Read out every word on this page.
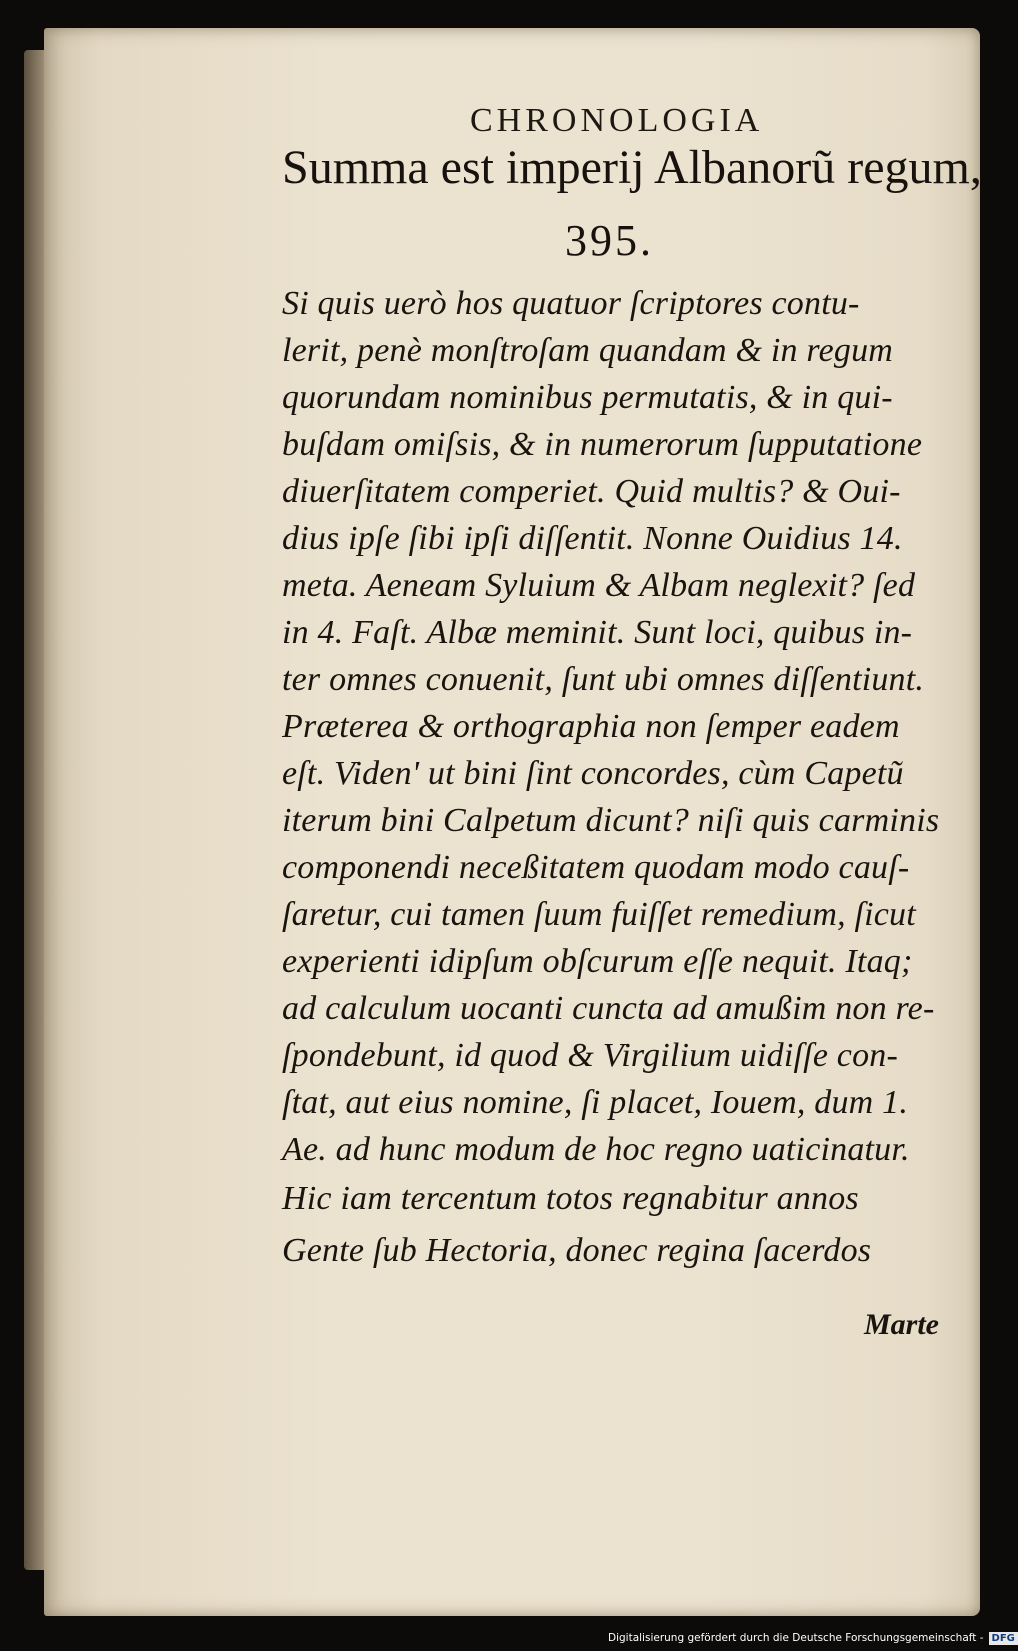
CHRONOLOGIA
Summa est imperij Albanorũ regum,
395.
Si quis uerò hos quatuor ſcriptores contu-
lerit, penè monſtroſam quandam & in regum
quorundam nominibus permutatis, & in qui-
buſdam omiſsis, & in numerorum ſupputatione
diuerſitatem comperiet. Quid multis? & Oui-
dius ipſe ſibi ipſi diſſentit. Nonne Ouidius 14.
meta. Aeneam Syluium & Albam neglexit? ſed
in 4. Faſt. Albæ meminit. Sunt loci, quibus in-
ter omnes conuenit, ſunt ubi omnes diſſentiunt.
Præterea & orthographia non ſemper eadem
eſt. Viden' ut bini ſint concordes, cùm Capetũ
iterum bini Calpetum dicunt? niſi quis carminis
componendi neceßitatem quodam modo cauſ-
ſaretur, cui tamen ſuum fuiſſet remedium, ſicut
experienti idipſum obſcurum eſſe nequit. Itaq;
ad calculum uocanti cuncta ad amußim non re-
ſpondebunt, id quod & Virgilium uidiſſe con-
ſtat, aut eius nomine, ſi placet, Iouem, dum 1.
Ae. ad hunc modum de hoc regno uaticinatur.
Hic iam tercentum totos regnabitur annos
Gente ſub Hectoria, donec regina ſacerdos
Marte
Digitalisierung gefördert durch die Deutsche Forschungsgemeinschaft - DFG
